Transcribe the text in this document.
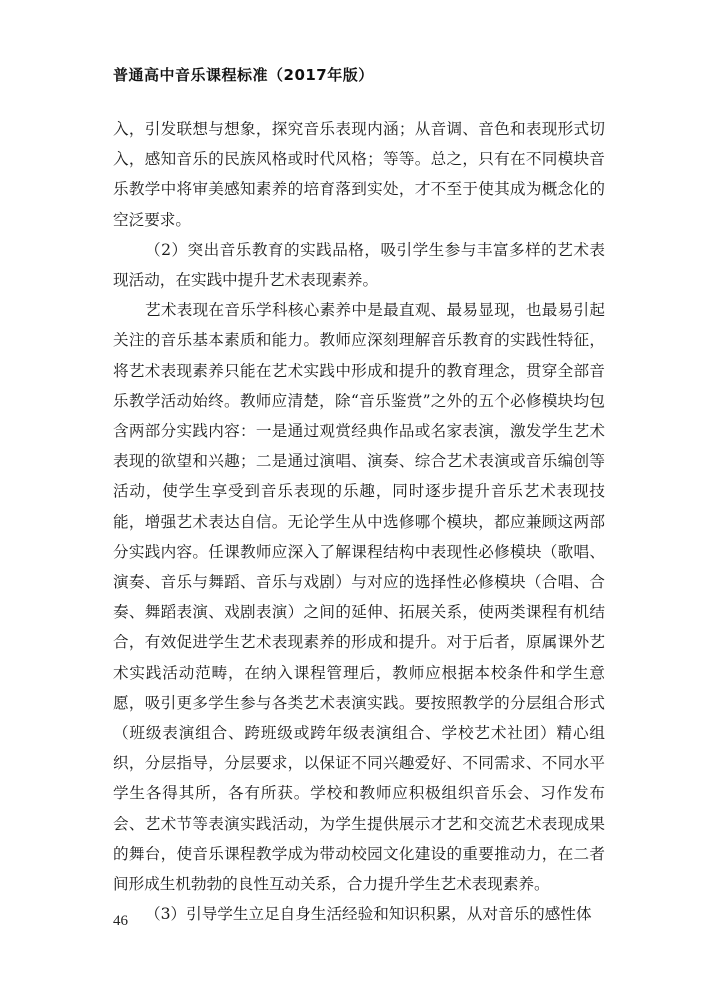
普通高中音乐课程标准（2017年版）

入，引发联想与想象，探究音乐表现内涵；从音调、音色和表现形式切入，感知音乐的民族风格或时代风格；等等。总之，只有在不同模块音乐教学中将审美感知素养的培育落到实处，才不至于使其成为概念化的空泛要求。

（2）突出音乐教育的实践品格，吸引学生参与丰富多样的艺术表现活动，在实践中提升艺术表现素养。

艺术表现在音乐学科核心素养中是最直观、最易显现，也最易引起关注的音乐基本素质和能力。教师应深刻理解音乐教育的实践性特征，将艺术表现素养只能在艺术实践中形成和提升的教育理念，贯穿全部音乐教学活动始终。教师应清楚，除“音乐鉴赏”之外的五个必修模块均包含两部分实践内容：一是通过观赏经典作品或名家表演，激发学生艺术表现的欲望和兴趣；二是通过演唱、演奏、综合艺术表演或音乐编创等活动，使学生享受到音乐表现的乐趣，同时逐步提升音乐艺术表现技能，增强艺术表达自信。无论学生从中选修哪个模块，都应兼顾这两部分实践内容。任课教师应深入了解课程结构中表现性必修模块（歌唱、演奏、音乐与舞蹈、音乐与戏剧）与对应的选择性必修模块（合唱、合奏、舞蹈表演、戏剧表演）之间的延伸、拓展关系，使两类课程有机结合，有效促进学生艺术表现素养的形成和提升。对于后者，原属课外艺术实践活动范畴，在纳入课程管理后，教师应根据本校条件和学生意愿，吸引更多学生参与各类艺术表演实践。要按照教学的分层组合形式（班级表演组合、跨班级或跨年级表演组合、学校艺术社团）精心组织，分层指导，分层要求，以保证不同兴趣爱好、不同需求、不同水平学生各得其所，各有所获。学校和教师应积极组织音乐会、习作发布会、艺术节等表演实践活动，为学生提供展示才艺和交流艺术表现成果的舞台，使音乐课程教学成为带动校园文化建设的重要推动力，在二者间形成生机勃勃的良性互动关系，合力提升学生艺术表现素养。

（3）引导学生立足自身生活经验和知识积累，从对音乐的感性体

46
